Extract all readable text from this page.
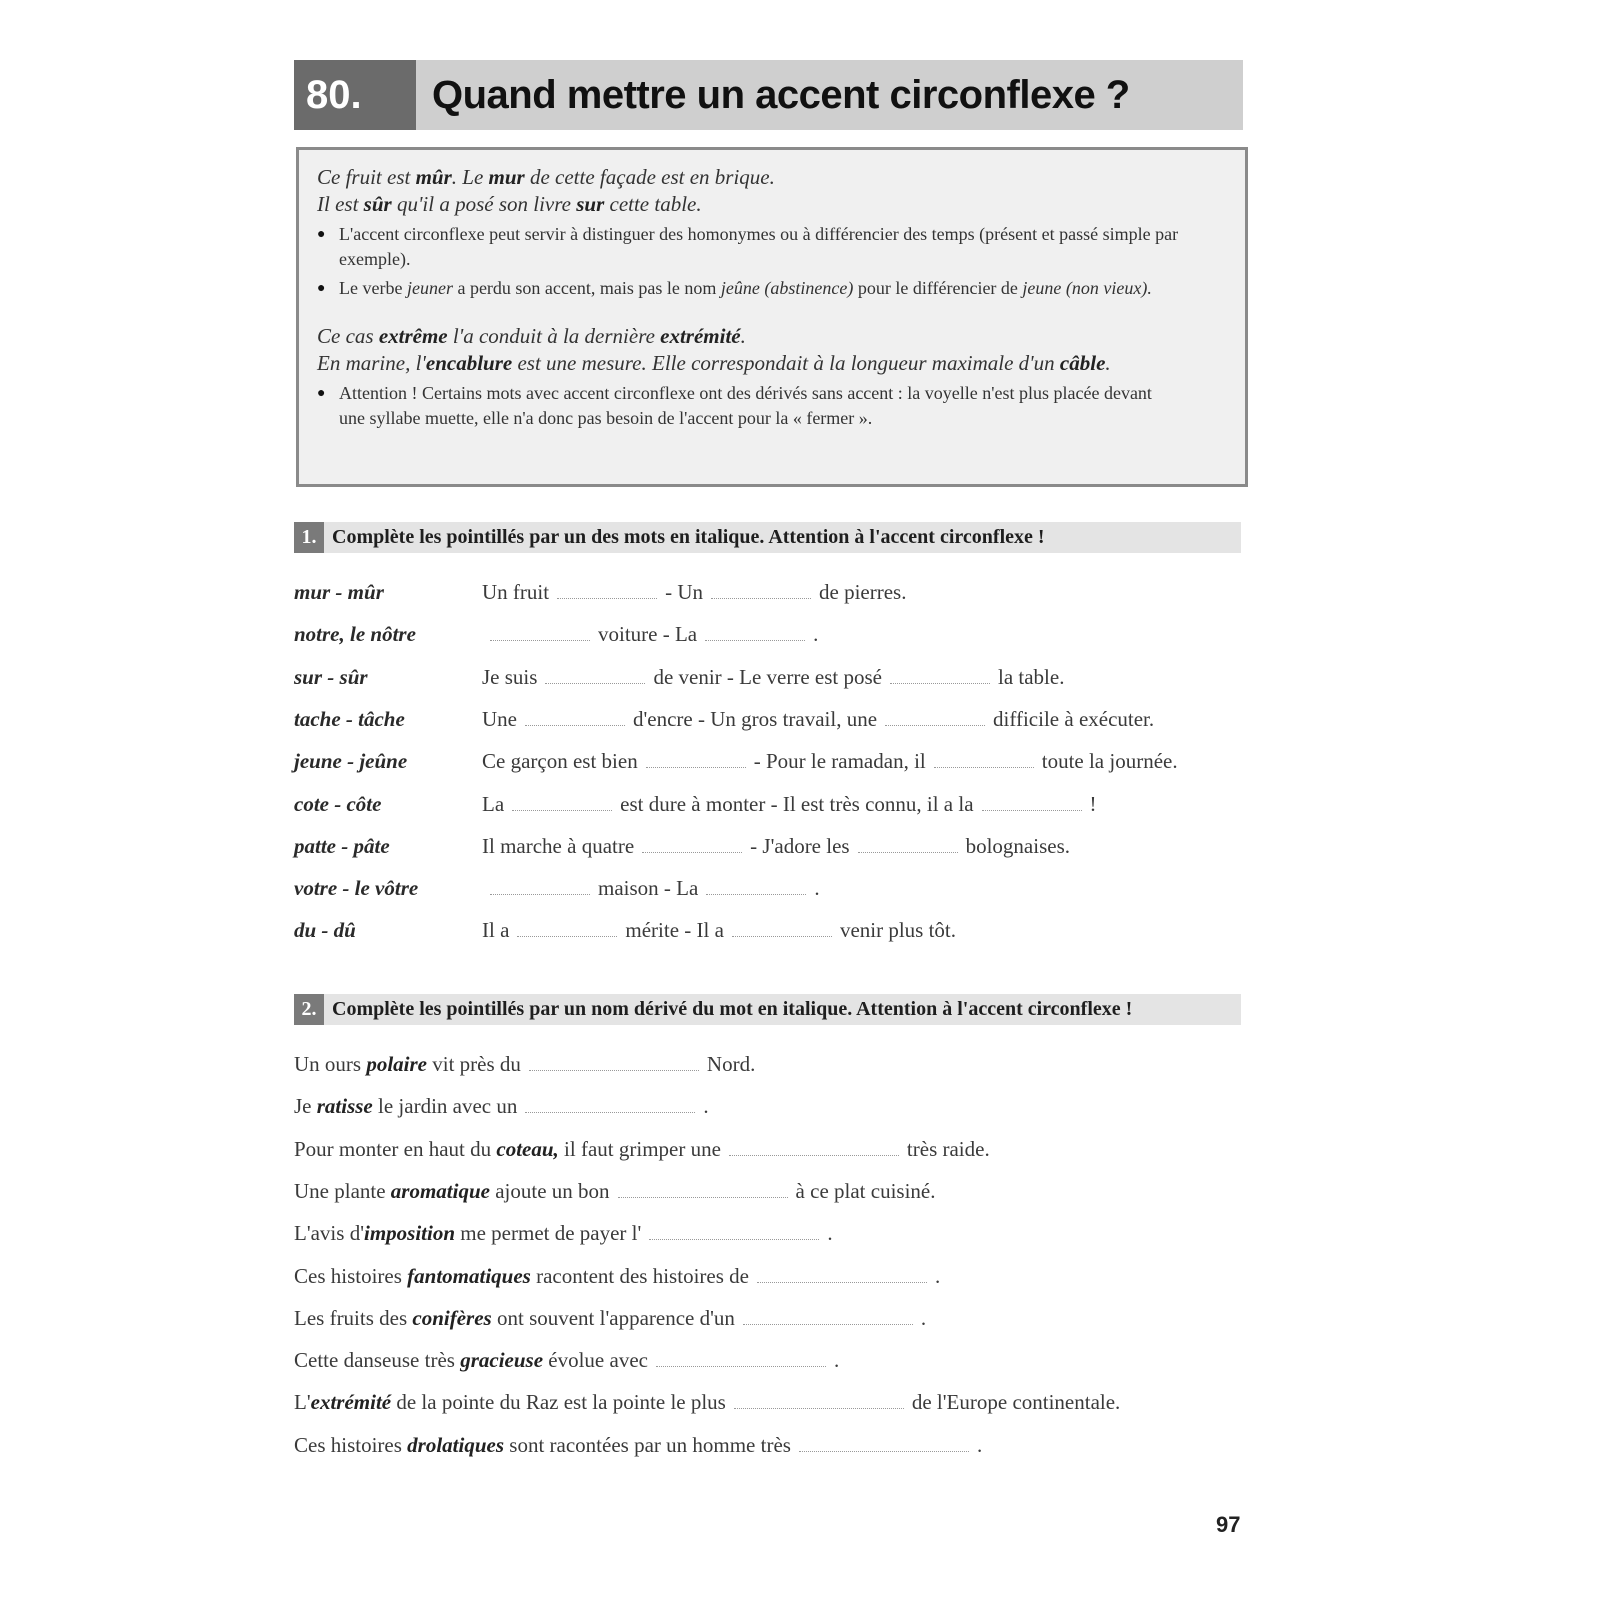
80.	Quand mettre un accent circonflexe ?
Ce fruit est mûr. Le mur de cette façade est en brique.
Il est sûr qu'il a posé son livre sur cette table.
● L'accent circonflexe peut servir à distinguer des homonymes ou à différencier des temps (présent et passé simple par exemple).
● Le verbe jeuner a perdu son accent, mais pas le nom jeûne (abstinence) pour le différencier de jeune (non vieux).
Ce cas extrême l'a conduit à la dernière extrémité.
En marine, l'encablure est une mesure. Elle correspondait à la longueur maximale d'un câble.
● Attention ! Certains mots avec accent circonflexe ont des dérivés sans accent : la voyelle n'est plus placée devant une syllabe muette, elle n'a donc pas besoin de l'accent pour la « fermer ».
1. Complète les pointillés par un des mots en italique. Attention à l'accent circonflexe !
mur - mûr	Un fruit	- Un	de pierres.
notre, le nôtre	voiture - La	.
sur - sûr	Je suis	de venir - Le verre est posé	la table.
tache - tâche	Une	d'encre - Un gros travail, une	difficile à exécuter.
jeune - jeûne	Ce garçon est bien	- Pour le ramadan, il	toute la journée.
cote - côte	La	est dure à monter - Il est très connu, il a la	!
patte - pâte	Il marche à quatre	- J'adore les	bolognaises.
votre - le vôtre	maison - La	.
du - dû	Il a	mérite - Il a	venir plus tôt.
2. Complète les pointillés par un nom dérivé du mot en italique. Attention à l'accent circonflexe !
Un ours polaire vit près du	Nord.
Je ratisse le jardin avec un	.
Pour monter en haut du coteau, il faut grimper une	très raide.
Une plante aromatique ajoute un bon	à ce plat cuisiné.
L'avis d'imposition me permet de payer l'	.
Ces histoires fantomatiques racontent des histoires de	.
Les fruits des conifères ont souvent l'apparence d'un	.
Cette danseuse très gracieuse évolue avec	.
L'extrémité de la pointe du Raz est la pointe le plus	de l'Europe continentale.
Ces histoires drolatiques sont racontées par un homme très	.
97
